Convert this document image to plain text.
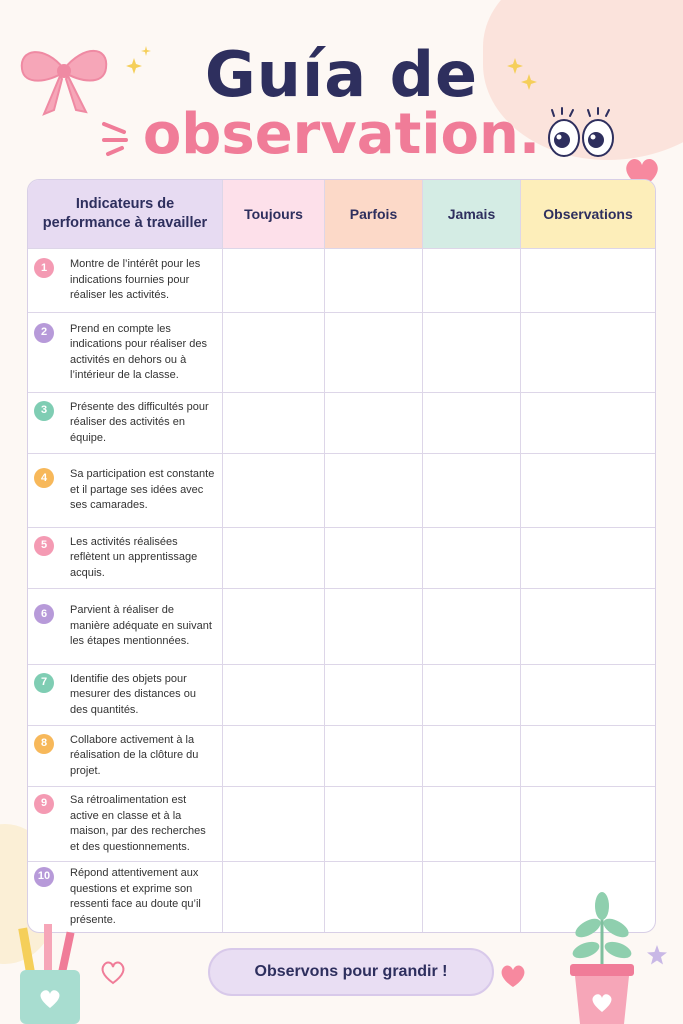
Guía de
observation.
Indicateurs de performance à travailler	Toujours	Parfois	Jamais	Observations

1 Montre de l’intérêt pour les indications fournies pour réaliser les activités.				

2 Prend en compte les indications pour réaliser des activités en dehors ou à l’intérieur de la classe.				

3 Présente des difficultés pour réaliser des activités en équipe.				

4 Sa participation est constante et il partage ses idées avec ses camarades.				

5 Les activités réalisées reflètent un apprentissage acquis.				

6 Parvient à réaliser de manière adéquate en suivant les étapes mentionnées.				

7 Identifie des objets pour mesurer des distances ou des quantités.				

8 Collabore activement à la réalisation de la clôture du projet.				

9 Sa rétroalimentation est active en classe et à la maison, par des recherches et des questionnements.				

10 Répond attentivement aux questions et exprime son ressenti face au doute qu’il présente.				

Observons pour grandir !
